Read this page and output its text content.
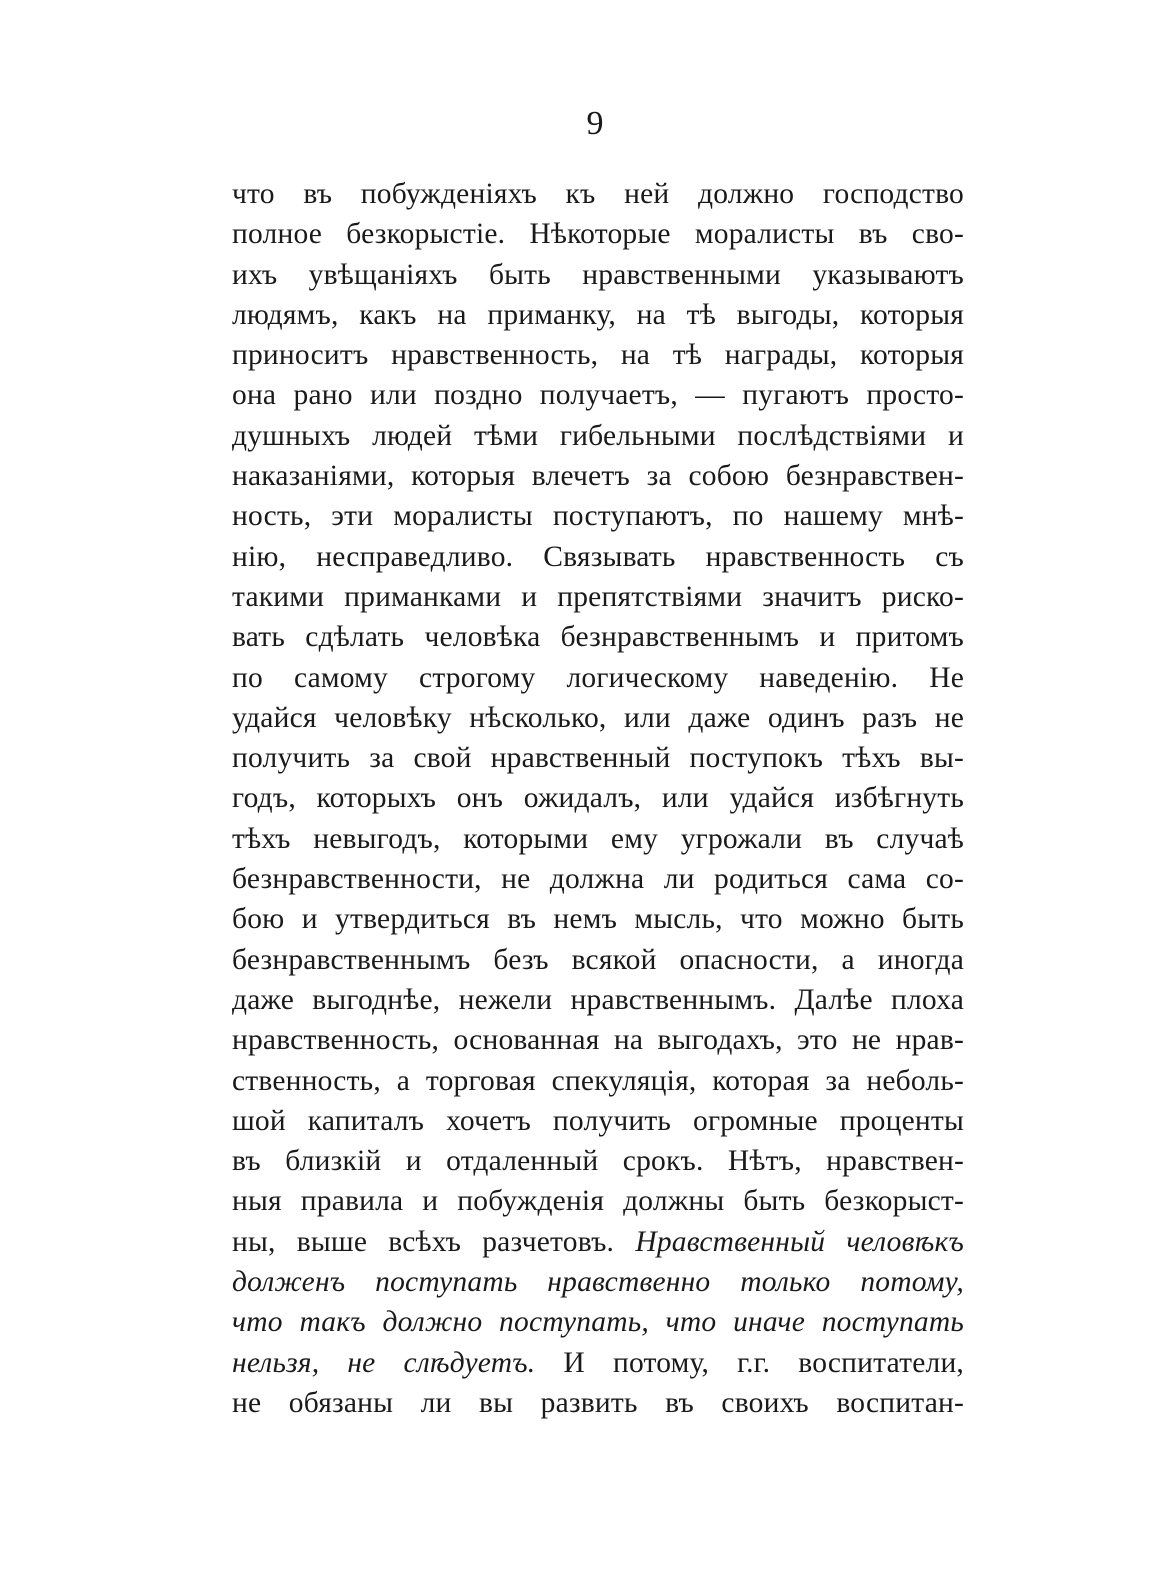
9
что въ побужденіяхъ къ ней должно господство
полное безкорыстіе. Нѣкоторые моралисты въ сво-
ихъ увѣщаніяхъ быть нравственными указываютъ
людямъ, какъ на приманку, на тѣ выгоды, которыя
приноситъ нравственность, на тѣ награды, которыя
она рано или поздно получаетъ, — пугаютъ просто-
душныхъ людей тѣми гибельными послѣдствіями и
наказаніями, которыя влечетъ за собою безнравствен-
ность, эти моралисты поступаютъ, по нашему мнѣ-
нію, несправедливо. Связывать нравственность съ
такими приманками и препятствіями значитъ риско-
вать сдѣлать человѣка безнравственнымъ и притомъ
по самому строгому логическому наведенію. Не
удайся человѣку нѣсколько, или даже одинъ разъ не
получить за свой нравственный поступокъ тѣхъ вы-
годъ, которыхъ онъ ожидалъ, или удайся избѣгнуть
тѣхъ невыгодъ, которыми ему угрожали въ случаѣ
безнравственности, не должна ли родиться сама со-
бою и утвердиться въ немъ мысль, что можно быть
безнравственнымъ безъ всякой опасности, а иногда
даже выгоднѣе, нежели нравственнымъ. Далѣе плоха
нравственность, основанная на выгодахъ, это не нрав-
ственность, а торговая спекуляція, которая за неболь-
шой капиталъ хочетъ получить огромные проценты
въ близкій и отдаленный срокъ. Нѣтъ, нравствен-
ныя правила и побужденія должны быть безкорыст-
ны, выше всѣхъ разчетовъ. Нравственный человѣкъ
долженъ поступать нравственно только потому,
что такъ должно поступать, что иначе поступать
нельзя, не слѣдуетъ. И потому, г.г. воспитатели,
не обязаны ли вы развить въ своихъ воспитан-
